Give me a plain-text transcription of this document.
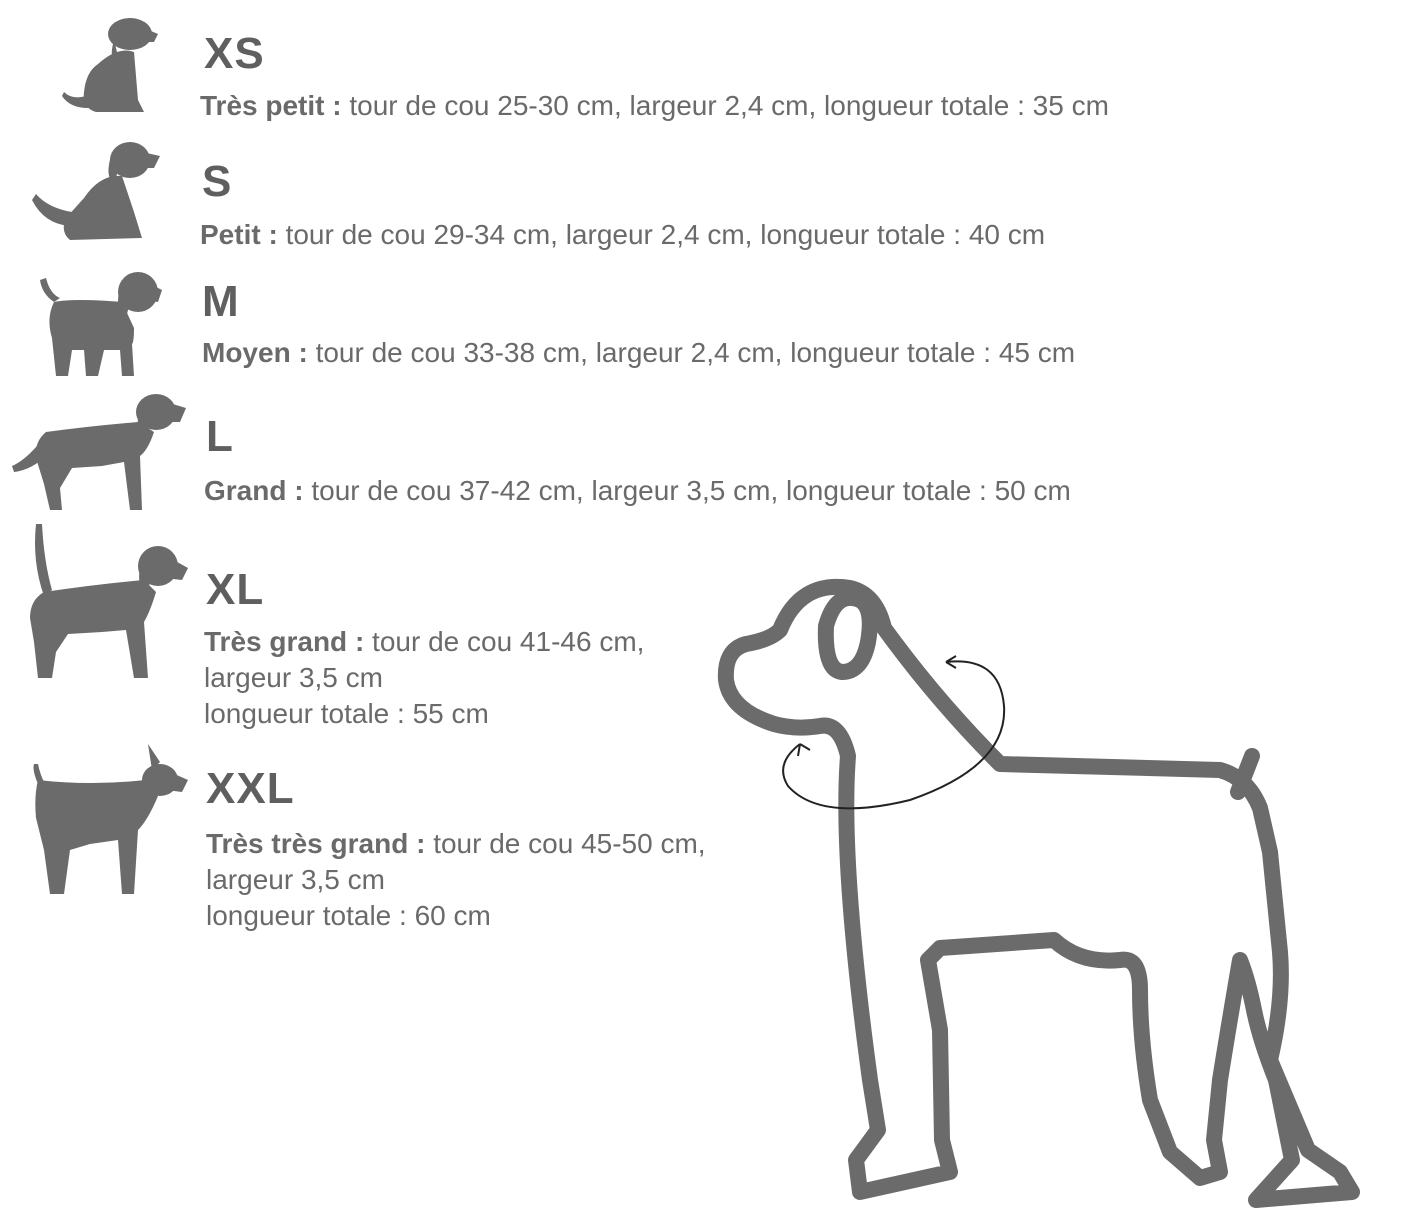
XS
Très petit : tour de cou 25-30 cm, largeur 2,4 cm, longueur totale : 35 cm
S
Petit : tour de cou 29-34 cm, largeur 2,4 cm, longueur totale : 40 cm
M
Moyen : tour de cou 33-38 cm, largeur 2,4 cm, longueur totale : 45 cm
L
Grand : tour de cou 37-42 cm, largeur 3,5 cm, longueur totale : 50 cm
XL
Très grand : tour de cou 41-46 cm,
largeur 3,5 cm
longueur totale : 55 cm
XXL
Très très grand : tour de cou 45-50 cm,
largeur 3,5 cm
longueur totale : 60 cm
